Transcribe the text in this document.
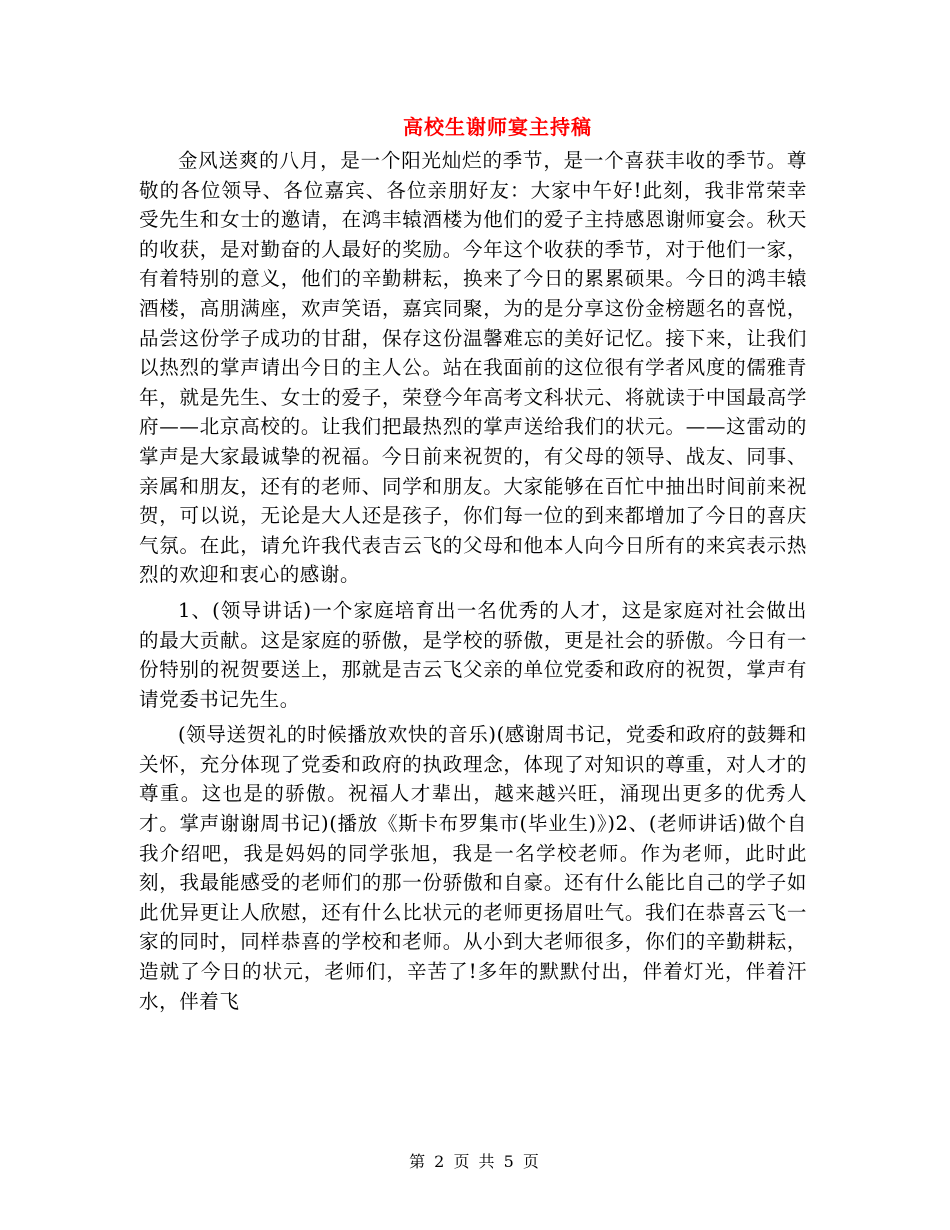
高校生谢师宴主持稿

金风送爽的八月，是一个阳光灿烂的季节，是一个喜获丰收的季节。尊敬的各位领导、各位嘉宾、各位亲朋好友：大家中午好!此刻，我非常荣幸受先生和女士的邀请，在鸿丰辕酒楼为他们的爱子主持感恩谢师宴会。秋天的收获，是对勤奋的人最好的奖励。今年这个收获的季节，对于他们一家，有着特别的意义，他们的辛勤耕耘，换来了今日的累累硕果。今日的鸿丰辕酒楼，高朋满座，欢声笑语，嘉宾同聚，为的是分享这份金榜题名的喜悦，品尝这份学子成功的甘甜，保存这份温馨难忘的美好记忆。接下来，让我们以热烈的掌声请出今日的主人公。站在我面前的这位很有学者风度的儒雅青年，就是先生、女士的爱子，荣登今年高考文科状元、将就读于中国最高学府——北京高校的。让我们把最热烈的掌声送给我们的状元。——这雷动的掌声是大家最诚挚的祝福。今日前来祝贺的，有父母的领导、战友、同事、亲属和朋友，还有的老师、同学和朋友。大家能够在百忙中抽出时间前来祝贺，可以说，无论是大人还是孩子，你们每一位的到来都增加了今日的喜庆气氛。在此，请允许我代表吉云飞的父母和他本人向今日所有的来宾表示热烈的欢迎和衷心的感谢。

1、(领导讲话)一个家庭培育出一名优秀的人才，这是家庭对社会做出的最大贡献。这是家庭的骄傲，是学校的骄傲，更是社会的骄傲。今日有一份特别的祝贺要送上，那就是吉云飞父亲的单位党委和政府的祝贺，掌声有请党委书记先生。

(领导送贺礼的时候播放欢快的音乐)(感谢周书记，党委和政府的鼓舞和关怀，充分体现了党委和政府的执政理念，体现了对知识的尊重，对人才的尊重。这也是的骄傲。祝福人才辈出，越来越兴旺，涌现出更多的优秀人才。掌声谢谢周书记)(播放《斯卡布罗集市(毕业生)》)2、(老师讲话)做个自我介绍吧，我是妈妈的同学张旭，我是一名学校老师。作为老师，此时此刻，我最能感受的老师们的那一份骄傲和自豪。还有什么能比自己的学子如此优异更让人欣慰，还有什么比状元的老师更扬眉吐气。我们在恭喜云飞一家的同时，同样恭喜的学校和老师。从小到大老师很多，你们的辛勤耕耘，造就了今日的状元，老师们，辛苦了!多年的默默付出，伴着灯光，伴着汗水，伴着飞

第 2 页 共 5 页
